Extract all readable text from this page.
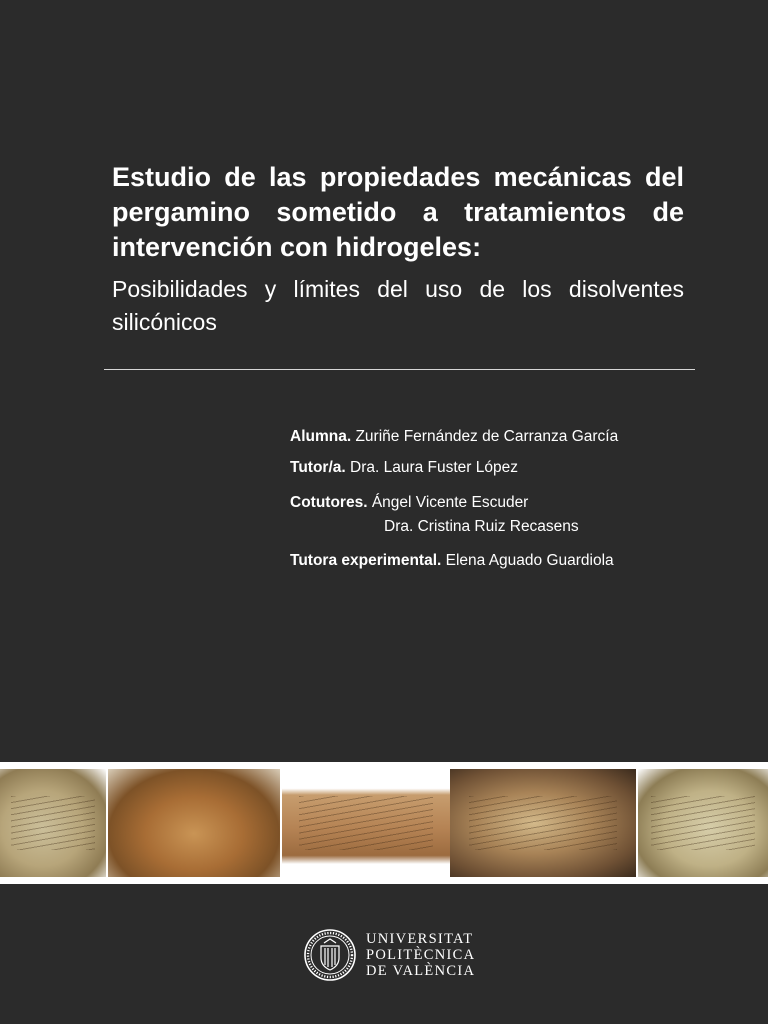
Estudio de las propiedades mecánicas del pergamino sometido a tratamientos de intervención con hidrogeles:

Posibilidades y límites del uso de los disolventes silicónicos

Alumna. Zuriñe Fernández de Carranza García
Tutor/a. Dra. Laura Fuster López
Cotutores. Ángel Vicente Escuder
Dra. Cristina Ruiz Recasens
Tutora experimental. Elena Aguado Guardiola
UNIVERSITAT
POLITÈCNICA
DE VALÈNCIA
